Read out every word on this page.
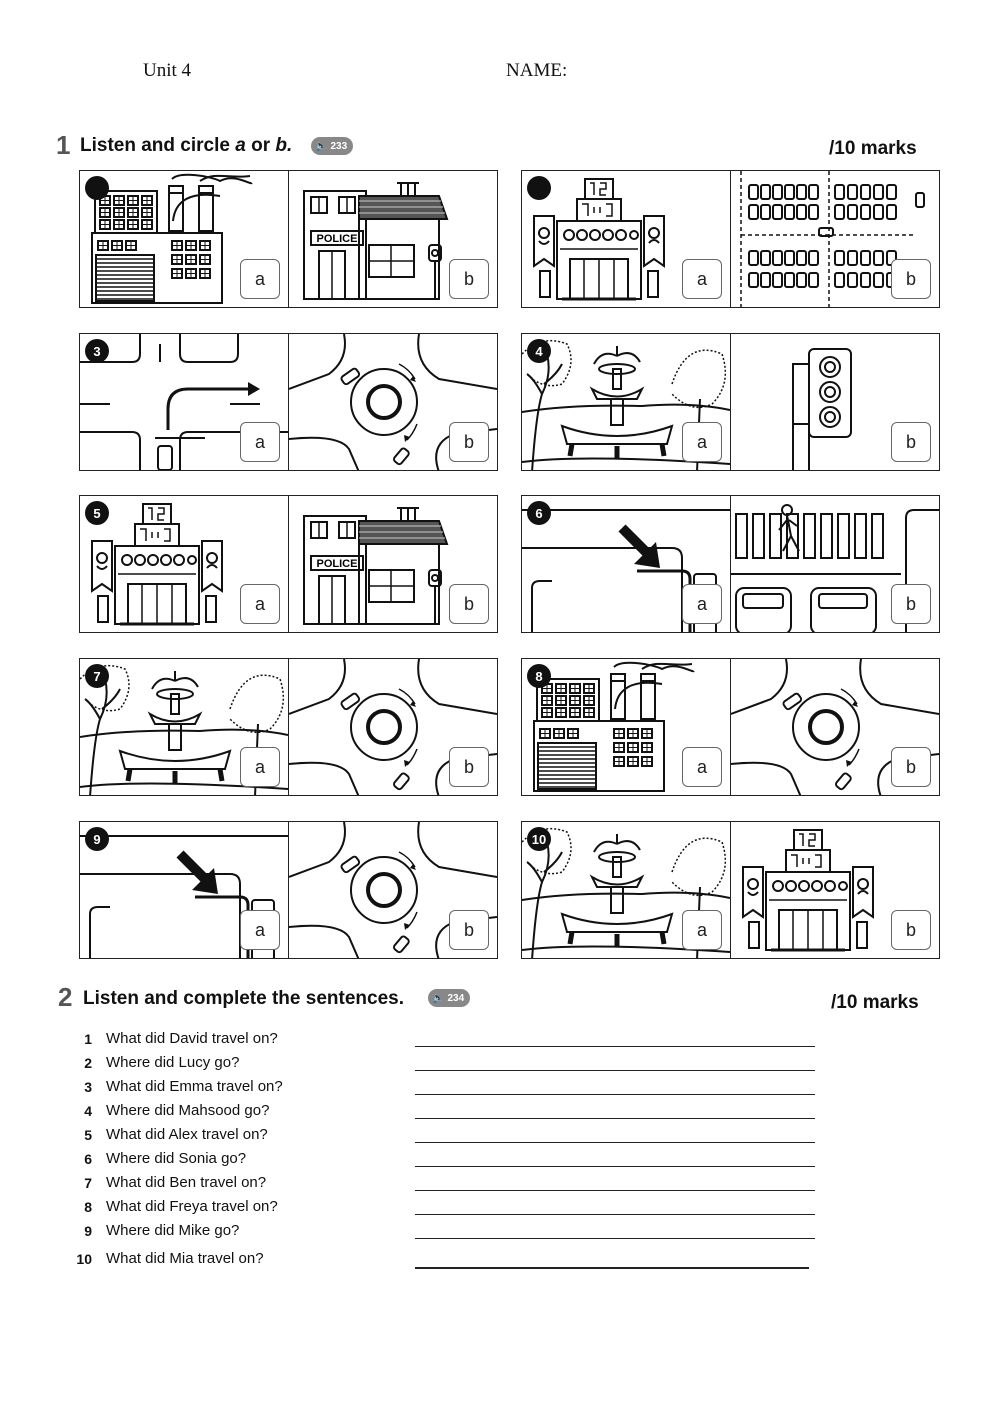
Unit 4	NAME:
1 Listen and circle a or b. 🔈 233	/10 marks
a
POLICE
b	a	b
a	b
3
a	b
4
a
POLICE
b
5
a	b
6
a	b
7
a	b
8
a	b
9
a	b
10
2 Listen and complete the sentences.	🔈 234	/10 marks
1 What did David travel on?
2 Where did Lucy go?
3 What did Emma travel on?
4 Where did Mahsood go?
5 What did Alex travel on?
6 Where did Sonia go?
7 What did Ben travel on?
8 What did Freya travel on?
9 Where did Mike go?
10 What did Mia travel on?
